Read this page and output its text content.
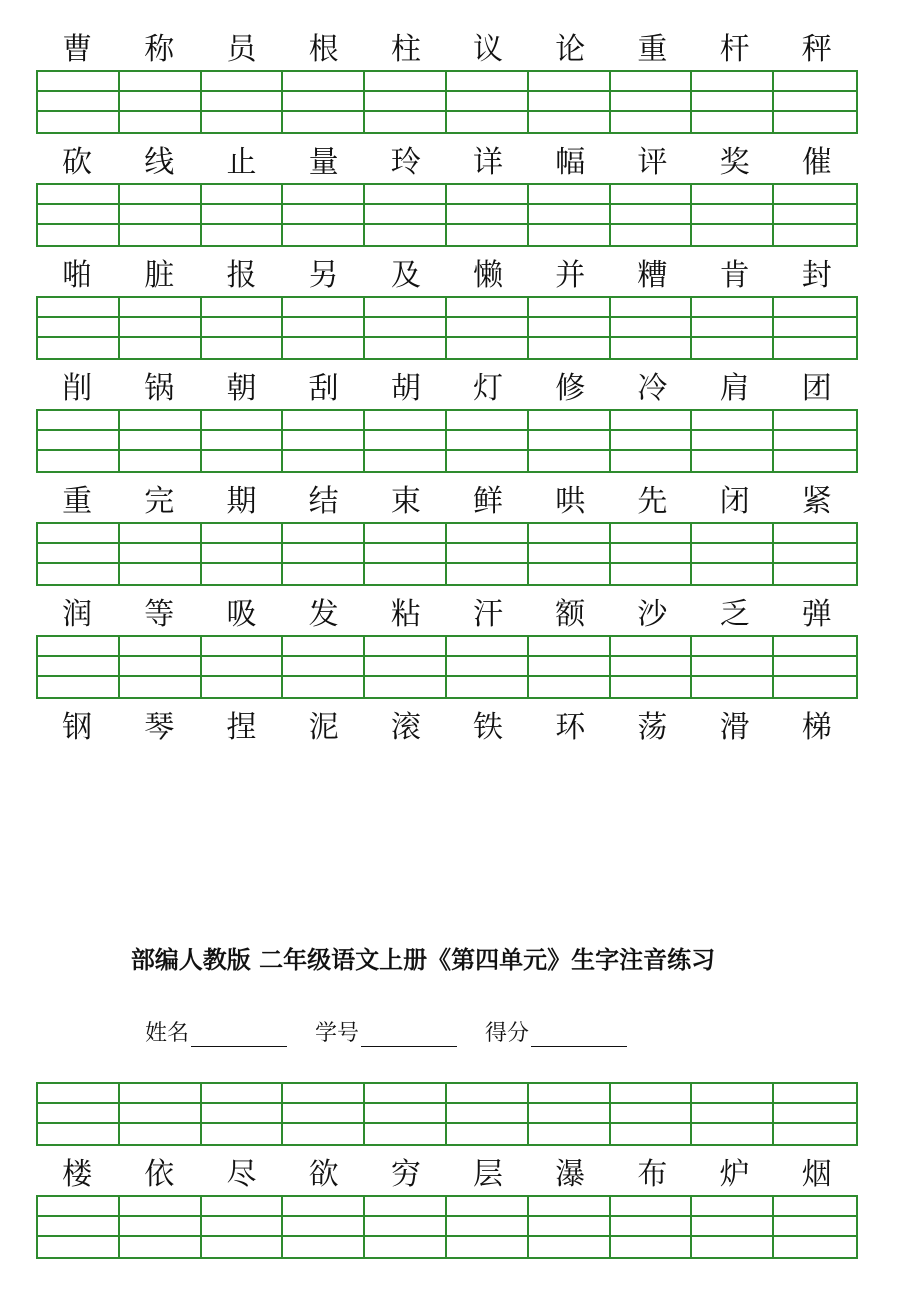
曹	称	员	根	柱	议	论	重	杆	秤
砍	线	止	量	玲	详	幅	评	奖	催
啪	脏	报	另	及	懒	并	糟	肯	封
削	锅	朝	刮	胡	灯	修	冷	肩	团
重	完	期	结	束	鲜	哄	先	闭	紧
润	等	吸	发	粘	汗	额	沙	乏	弹
钢	琴	捏	泥	滚	铁	环	荡	滑	梯
部编人教版 二年级语文上册《第四单元》生字注音练习
姓名	学号	得分
楼	依	尽	欲	穷	层	瀑	布	炉	烟
